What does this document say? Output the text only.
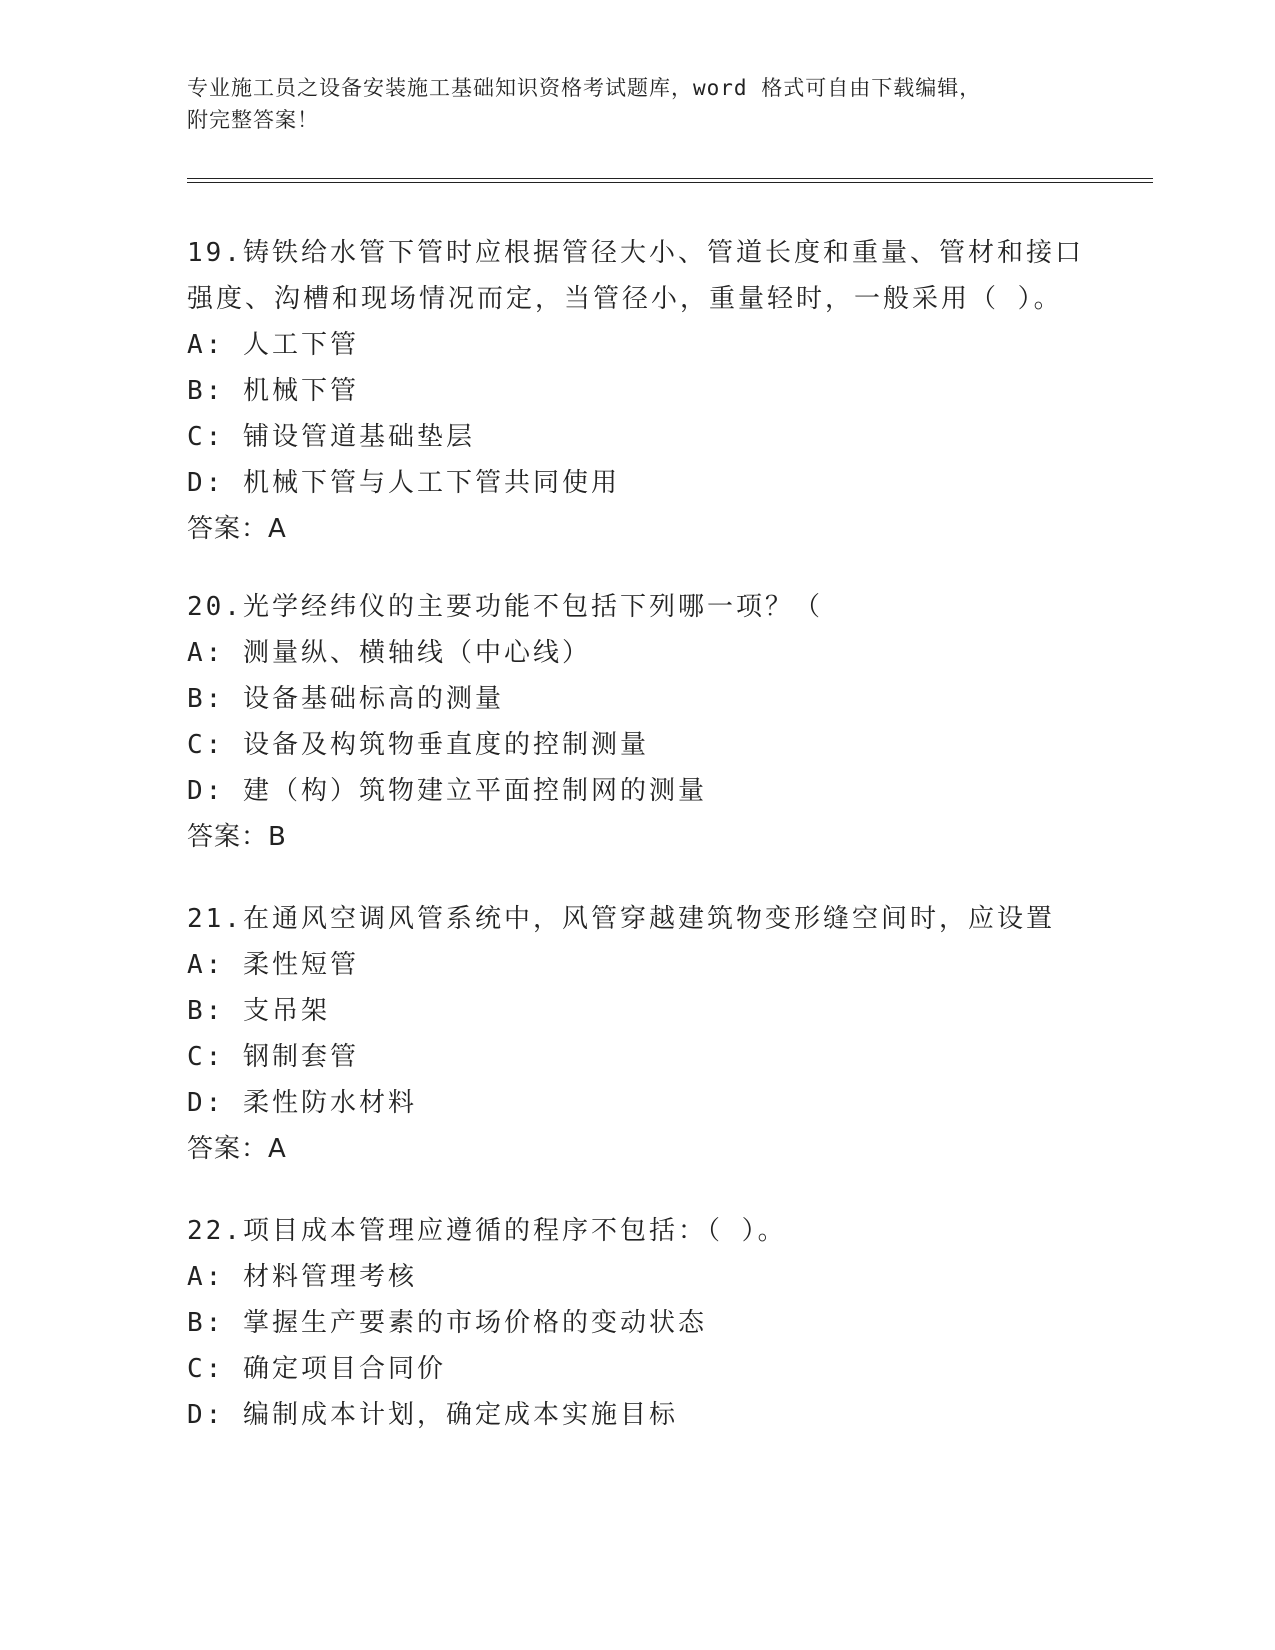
专业施工员之设备安装施工基础知识资格考试题库，word 格式可自由下载编辑，
附完整答案！
19.铸铁给水管下管时应根据管径大小、管道长度和重量、管材和接口
强度、沟槽和现场情况而定，当管径小，重量轻时，一般采用（ ）。
A: 人工下管
B: 机械下管
C: 铺设管道基础垫层
D: 机械下管与人工下管共同使用
答案：A
20.光学经纬仪的主要功能不包括下列哪一项？（
A: 测量纵、横轴线（中心线）
B: 设备基础标高的测量
C: 设备及构筑物垂直度的控制测量
D: 建（构）筑物建立平面控制网的测量
答案：B
21.在通风空调风管系统中，风管穿越建筑物变形缝空间时，应设置
A: 柔性短管
B: 支吊架
C: 钢制套管
D: 柔性防水材料
答案：A
22.项目成本管理应遵循的程序不包括：（ ）。
A: 材料管理考核
B: 掌握生产要素的市场价格的变动状态
C: 确定项目合同价
D: 编制成本计划，确定成本实施目标
